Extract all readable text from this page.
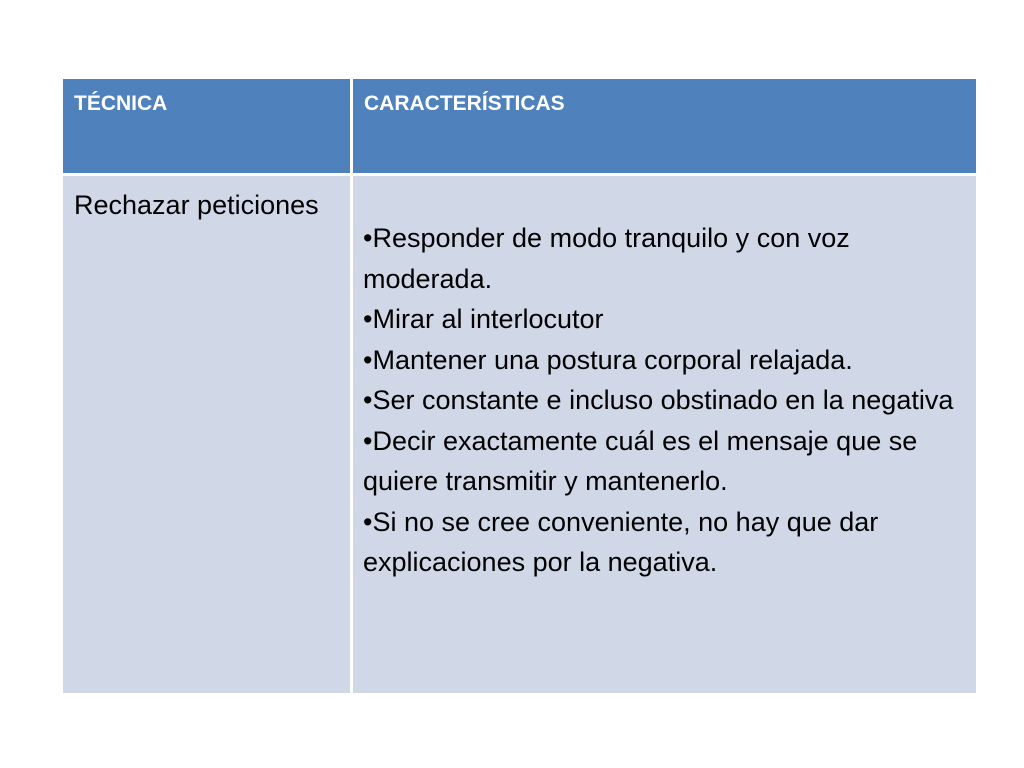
TÉCNICA	CARACTERÍSTICAS
Rechazar peticiones
•Responder de modo tranquilo y con voz moderada.
•Mirar al interlocutor
•Mantener una postura corporal relajada.
•Ser constante e incluso obstinado en la negativa
•Decir exactamente cuál es el mensaje que se quiere transmitir y mantenerlo.
•Si no se cree conveniente, no hay que dar explicaciones por la negativa.
